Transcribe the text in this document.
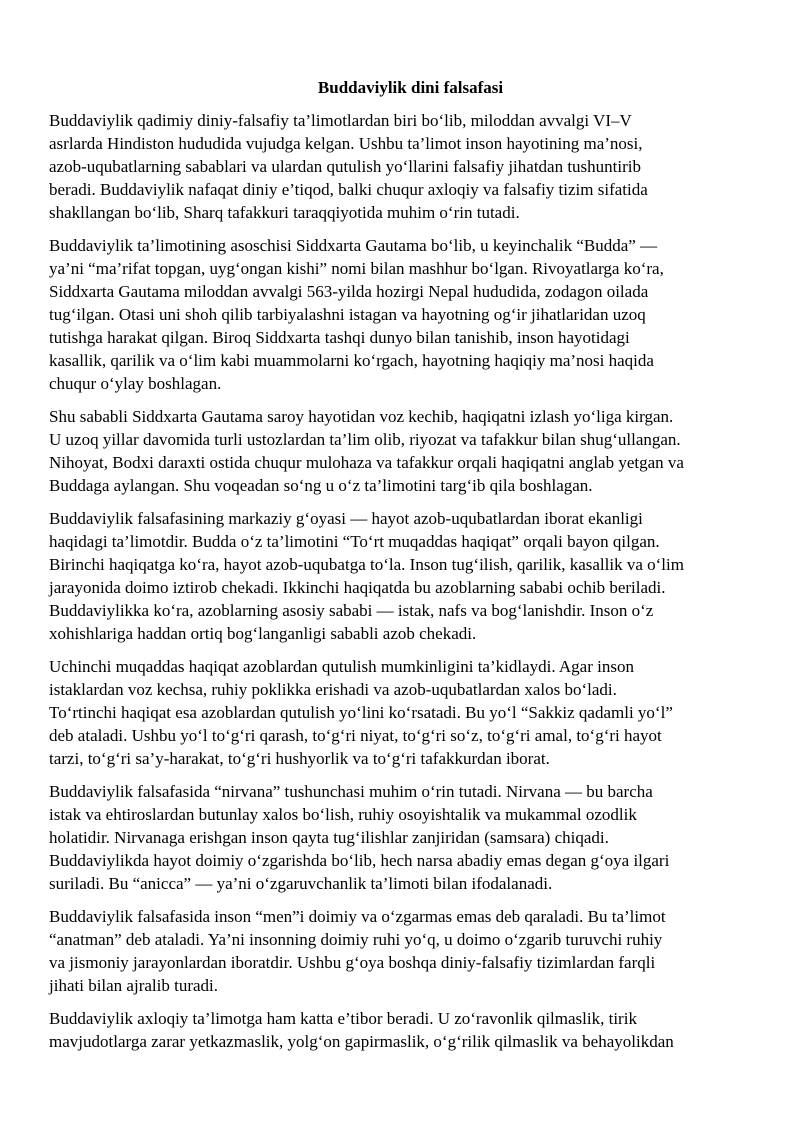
Buddaviylik dini falsafasi

Buddaviylik qadimiy diniy-falsafiy ta’limotlardan biri bo‘lib, miloddan avvalgi VI–V
asrlarda Hindiston hududida vujudga kelgan. Ushbu ta’limot inson hayotining ma’nosi,
azob-uqubatlarning sabablari va ulardan qutulish yo‘llarini falsafiy jihatdan tushuntirib
beradi. Buddaviylik nafaqat diniy e’tiqod, balki chuqur axloqiy va falsafiy tizim sifatida
shakllangan bo‘lib, Sharq tafakkuri taraqqiyotida muhim o‘rin tutadi.

Buddaviylik ta’limotining asoschisi Siddxarta Gautama bo‘lib, u keyinchalik “Budda” —
ya’ni “ma’rifat topgan, uyg‘ongan kishi” nomi bilan mashhur bo‘lgan. Rivoyatlarga ko‘ra,
Siddxarta Gautama miloddan avvalgi 563-yilda hozirgi Nepal hududida, zodagon oilada
tug‘ilgan. Otasi uni shoh qilib tarbiyalashni istagan va hayotning og‘ir jihatlaridan uzoq
tutishga harakat qilgan. Biroq Siddxarta tashqi dunyo bilan tanishib, inson hayotidagi
kasallik, qarilik va o‘lim kabi muammolarni ko‘rgach, hayotning haqiqiy ma’nosi haqida
chuqur o‘ylay boshlagan.

Shu sababli Siddxarta Gautama saroy hayotidan voz kechib, haqiqatni izlash yo‘liga kirgan.
U uzoq yillar davomida turli ustozlardan ta’lim olib, riyozat va tafakkur bilan shug‘ullangan.
Nihoyat, Bodxi daraxti ostida chuqur mulohaza va tafakkur orqali haqiqatni anglab yetgan va
Buddaga aylangan. Shu voqeadan so‘ng u o‘z ta’limotini targ‘ib qila boshlagan.

Buddaviylik falsafasining markaziy g‘oyasi — hayot azob-uqubatlardan iborat ekanligi
haqidagi ta’limotdir. Budda o‘z ta’limotini “To‘rt muqaddas haqiqat” orqali bayon qilgan.
Birinchi haqiqatga ko‘ra, hayot azob-uqubatga to‘la. Inson tug‘ilish, qarilik, kasallik va o‘lim
jarayonida doimo iztirob chekadi. Ikkinchi haqiqatda bu azoblarning sababi ochib beriladi.
Buddaviylikka ko‘ra, azoblarning asosiy sababi — istak, nafs va bog‘lanishdir. Inson o‘z
xohishlariga haddan ortiq bog‘langanligi sababli azob chekadi.

Uchinchi muqaddas haqiqat azoblardan qutulish mumkinligini ta’kidlaydi. Agar inson
istaklardan voz kechsa, ruhiy poklikka erishadi va azob-uqubatlardan xalos bo‘ladi.
To‘rtinchi haqiqat esa azoblardan qutulish yo‘lini ko‘rsatadi. Bu yo‘l “Sakkiz qadamli yo‘l”
deb ataladi. Ushbu yo‘l to‘g‘ri qarash, to‘g‘ri niyat, to‘g‘ri so‘z, to‘g‘ri amal, to‘g‘ri hayot
tarzi, to‘g‘ri sa’y-harakat, to‘g‘ri hushyorlik va to‘g‘ri tafakkurdan iborat.

Buddaviylik falsafasida “nirvana” tushunchasi muhim o‘rin tutadi. Nirvana — bu barcha
istak va ehtiroslardan butunlay xalos bo‘lish, ruhiy osoyishtalik va mukammal ozodlik
holatidir. Nirvanaga erishgan inson qayta tug‘ilishlar zanjiridan (samsara) chiqadi.
Buddaviylikda hayot doimiy o‘zgarishda bo‘lib, hech narsa abadiy emas degan g‘oya ilgari
suriladi. Bu “anicca” — ya’ni o‘zgaruvchanlik ta’limoti bilan ifodalanadi.

Buddaviylik falsafasida inson “men”i doimiy va o‘zgarmas emas deb qaraladi. Bu ta’limot
“anatman” deb ataladi. Ya’ni insonning doimiy ruhi yo‘q, u doimo o‘zgarib turuvchi ruhiy
va jismoniy jarayonlardan iboratdir. Ushbu g‘oya boshqa diniy-falsafiy tizimlardan farqli
jihati bilan ajralib turadi.

Buddaviylik axloqiy ta’limotga ham katta e’tibor beradi. U zo‘ravonlik qilmaslik, tirik
mavjudotlarga zarar yetkazmaslik, yolg‘on gapirmaslik, o‘g‘rilik qilmaslik va behayolikdan
